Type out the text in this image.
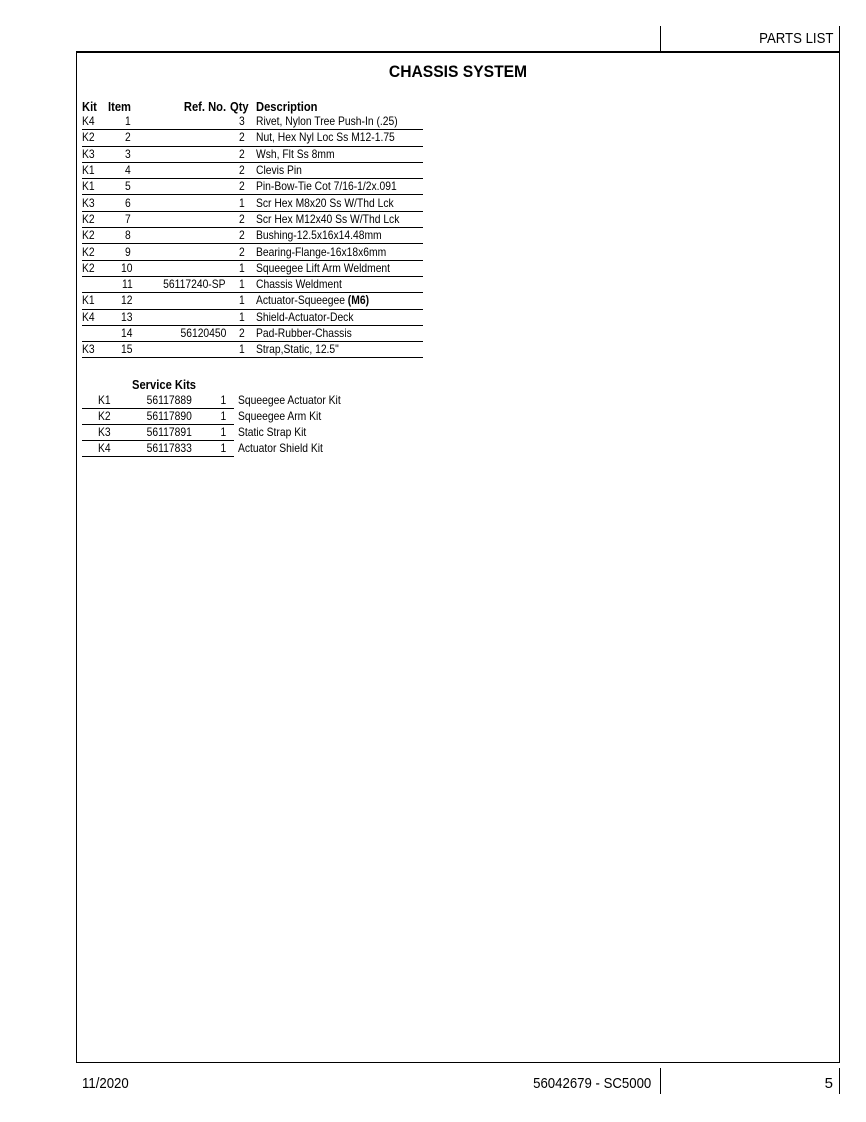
PARTS LIST
CHASSIS SYSTEM
Kit	Item	Ref. No.	Qty	Description
K4	1		3	Rivet, Nylon Tree Push-In (.25)
K2	2		2	Nut, Hex Nyl Loc Ss M12-1.75
K3	3		2	Wsh, Flt Ss 8mm
K1	4		2	Clevis Pin
K1	5		2	Pin-Bow-Tie Cot 7/16-1/2x.091
K3	6		1	Scr Hex M8x20 Ss W/Thd Lck
K2	7		2	Scr Hex M12x40 Ss W/Thd Lck
K2	8		2	Bushing-12.5x16x14.48mm
K2	9		2	Bearing-Flange-16x18x6mm
K2	10		1	Squeegee Lift Arm Weldment
	11	56117240-SP	1	Chassis Weldment
K1	12		1	Actuator-Squeegee (M6)
K4	13		1	Shield-Actuator-Deck
	14	56120450	2	Pad-Rubber-Chassis
K3	15		1	Strap,Static, 12.5"
Service Kits
K1	56117889	1	Squeegee Actuator Kit
K2	56117890	1	Squeegee Arm Kit
K3	56117891	1	Static Strap Kit
K4	56117833	1	Actuator Shield Kit
11/2020	56042679 - SC5000	5
